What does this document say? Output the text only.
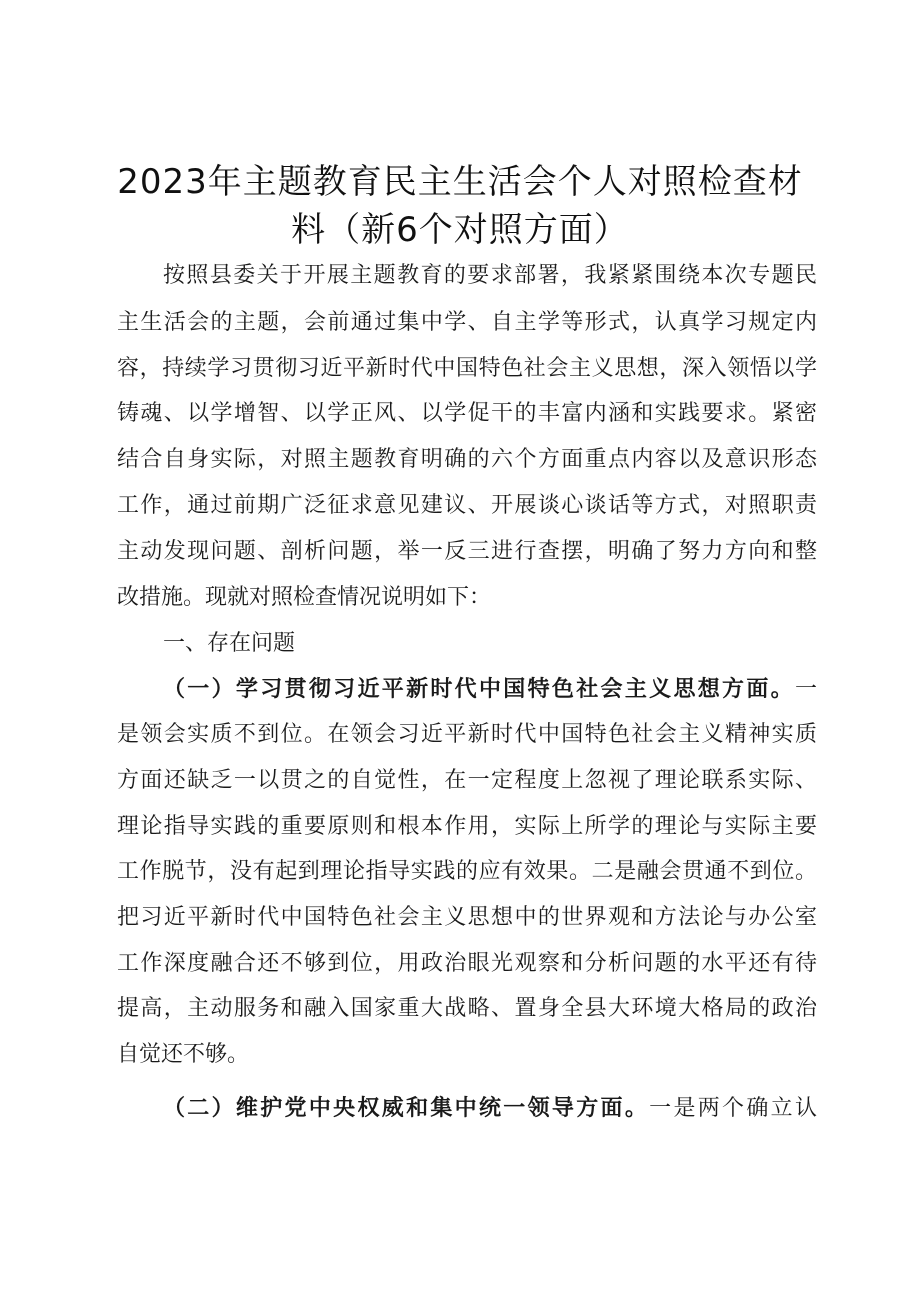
2023年主题教育民主生活会个人对照检查材
料（新6个对照方面）
按照县委关于开展主题教育的要求部署，我紧紧围绕本次专题民
主生活会的主题，会前通过集中学、自主学等形式，认真学习规定内
容，持续学习贯彻习近平新时代中国特色社会主义思想，深入领悟以学
铸魂、以学增智、以学正风、以学促干的丰富内涵和实践要求。紧密
结合自身实际，对照主题教育明确的六个方面重点内容以及意识形态
工作，通过前期广泛征求意见建议、开展谈心谈话等方式，对照职责
主动发现问题、剖析问题，举一反三进行查摆，明确了努力方向和整
改措施。现就对照检查情况说明如下：
一、存在问题
（一）学习贯彻习近平新时代中国特色社会主义思想方面。一
是领会实质不到位。在领会习近平新时代中国特色社会主义精神实质
方面还缺乏一以贯之的自觉性，在一定程度上忽视了理论联系实际、
理论指导实践的重要原则和根本作用，实际上所学的理论与实际主要
工作脱节，没有起到理论指导实践的应有效果。二是融会贯通不到位。
把习近平新时代中国特色社会主义思想中的世界观和方法论与办公室
工作深度融合还不够到位，用政治眼光观察和分析问题的水平还有待
提高，主动服务和融入国家重大战略、置身全县大环境大格局的政治
自觉还不够。
（二）维护党中央权威和集中统一领导方面。一是两个确立认
